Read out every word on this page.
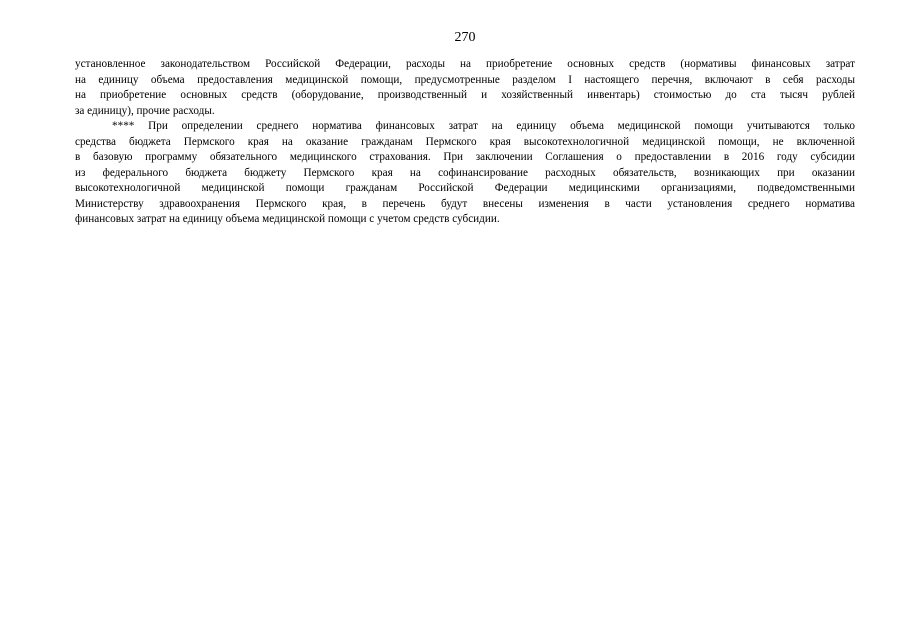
270
установленное законодательством Российской Федерации, расходы на приобретение основных средств (нормативы финансовых затрат
на единицу объема предоставления медицинской помощи, предусмотренные разделом I настоящего перечня, включают в себя расходы
на приобретение основных средств (оборудование, производственный и хозяйственный инвентарь) стоимостью до ста тысяч рублей
за единицу), прочие расходы.
**** При определении среднего норматива финансовых затрат на единицу объема медицинской помощи учитываются только
средства бюджета Пермского края на оказание гражданам Пермского края высокотехнологичной медицинской помощи, не включенной
в базовую программу обязательного медицинского страхования. При заключении Соглашения о предоставлении в 2016 году субсидии
из федерального бюджета бюджету Пермского края на софинансирование расходных обязательств, возникающих при оказании
высокотехнологичной медицинской помощи гражданам Российской Федерации медицинскими организациями, подведомственными
Министерству здравоохранения Пермского края, в перечень будут внесены изменения в части установления среднего норматива
финансовых затрат на единицу объема медицинской помощи с учетом средств субсидии.
